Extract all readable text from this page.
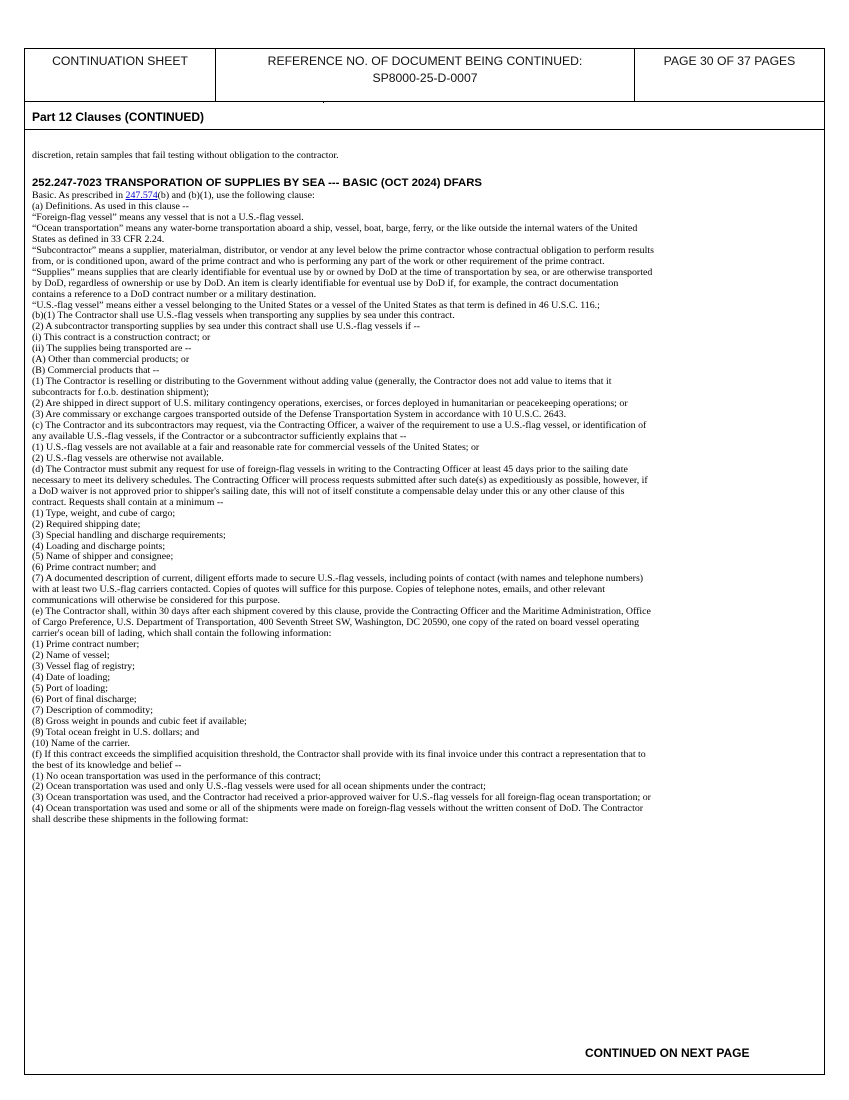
CONTINUATION SHEET	REFERENCE NO. OF DOCUMENT BEING CONTINUED:
SP8000-25-D-0007
PAGE 30 OF 37 PAGES
Part 12 Clauses (CONTINUED)
discretion, retain samples that fail testing without obligation to the contractor.
252.247-7023 TRANSPORATION OF SUPPLIES BY SEA --- BASIC (OCT 2024) DFARS
Basic. As prescribed in 247.574(b) and (b)(1), use the following clause:
(a) Definitions. As used in this clause --
“Foreign-flag vessel” means any vessel that is not a U.S.-flag vessel.
“Ocean transportation” means any water-borne transportation aboard a ship, vessel, boat, barge, ferry, or the like outside the internal waters of the United
States as defined in 33 CFR 2.24.
“Subcontractor” means a supplier, materialman, distributor, or vendor at any level below the prime contractor whose contractual obligation to perform results
from, or is conditioned upon, award of the prime contract and who is performing any part of the work or other requirement of the prime contract.
“Supplies” means supplies that are clearly identifiable for eventual use by or owned by DoD at the time of transportation by sea, or are otherwise transported
by DoD, regardless of ownership or use by DoD. An item is clearly identifiable for eventual use by DoD if, for example, the contract documentation
contains a reference to a DoD contract number or a military destination.
“U.S.-flag vessel” means either a vessel belonging to the United States or a vessel of the United States as that term is defined in 46 U.S.C. 116.;
(b)(1) The Contractor shall use U.S.-flag vessels when transporting any supplies by sea under this contract.
(2) A subcontractor transporting supplies by sea under this contract shall use U.S.-flag vessels if --
(i) This contract is a construction contract; or
(ii) The supplies being transported are --
(A) Other than commercial products; or
(B) Commercial products that --
(1) The Contractor is reselling or distributing to the Government without adding value (generally, the Contractor does not add value to items that it
subcontracts for f.o.b. destination shipment);
(2) Are shipped in direct support of U.S. military contingency operations, exercises, or forces deployed in humanitarian or peacekeeping operations; or
(3) Are commissary or exchange cargoes transported outside of the Defense Transportation System in accordance with 10 U.S.C. 2643.
(c) The Contractor and its subcontractors may request, via the Contracting Officer, a waiver of the requirement to use a U.S.-flag vessel, or identification of
any available U.S.-flag vessels, if the Contractor or a subcontractor sufficiently explains that --
(1) U.S.-flag vessels are not available at a fair and reasonable rate for commercial vessels of the United States; or
(2) U.S.-flag vessels are otherwise not available.
(d) The Contractor must submit any request for use of foreign-flag vessels in writing to the Contracting Officer at least 45 days prior to the sailing date
necessary to meet its delivery schedules. The Contracting Officer will process requests submitted after such date(s) as expeditiously as possible, however, if
a DoD waiver is not approved prior to shipper's sailing date, this will not of itself constitute a compensable delay under this or any other clause of this
contract. Requests shall contain at a minimum --
(1) Type, weight, and cube of cargo;
(2) Required shipping date;
(3) Special handling and discharge requirements;
(4) Loading and discharge points;
(5) Name of shipper and consignee;
(6) Prime contract number; and
(7) A documented description of current, diligent efforts made to secure U.S.-flag vessels, including points of contact (with names and telephone numbers)
with at least two U.S.-flag carriers contacted. Copies of quotes will suffice for this purpose. Copies of telephone notes, emails, and other relevant
communications will otherwise be considered for this purpose.
(e) The Contractor shall, within 30 days after each shipment covered by this clause, provide the Contracting Officer and the Maritime Administration, Office
of Cargo Preference, U.S. Department of Transportation, 400 Seventh Street SW, Washington, DC 20590, one copy of the rated on board vessel operating
carrier's ocean bill of lading, which shall contain the following information:
(1) Prime contract number;
(2) Name of vessel;
(3) Vessel flag of registry;
(4) Date of loading;
(5) Port of loading;
(6) Port of final discharge;
(7) Description of commodity;
(8) Gross weight in pounds and cubic feet if available;
(9) Total ocean freight in U.S. dollars; and
(10) Name of the carrier.
(f) If this contract exceeds the simplified acquisition threshold, the Contractor shall provide with its final invoice under this contract a representation that to
the best of its knowledge and belief --
(1) No ocean transportation was used in the performance of this contract;
(2) Ocean transportation was used and only U.S.-flag vessels were used for all ocean shipments under the contract;
(3) Ocean transportation was used, and the Contractor had received a prior-approved waiver for U.S.-flag vessels for all foreign-flag ocean transportation; or
(4) Ocean transportation was used and some or all of the shipments were made on foreign-flag vessels without the written consent of DoD. The Contractor
shall describe these shipments in the following format:
CONTINUED ON NEXT PAGE
